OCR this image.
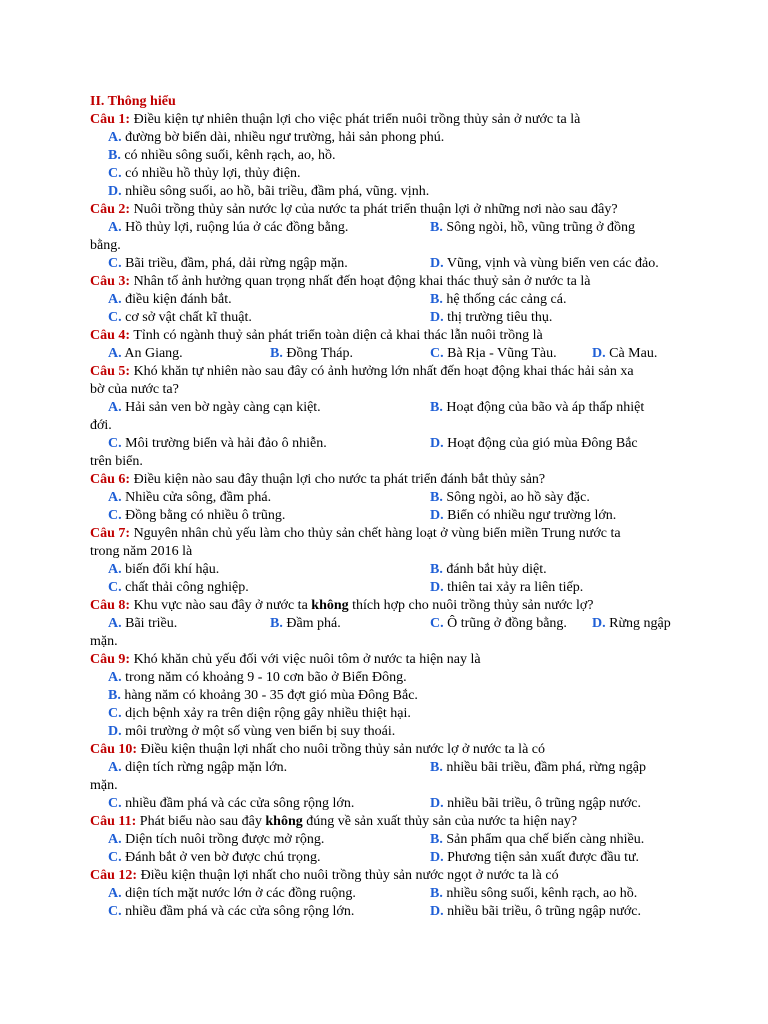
II. Thông hiểu
Câu 1: Điều kiện tự nhiên thuận lợi cho việc phát triển nuôi trồng thủy sản ở nước ta là
A. đường bờ biển dài, nhiều ngư trường, hải sản phong phú.
B. có nhiều sông suối, kênh rạch, ao, hồ.
C. có nhiều hồ thủy lợi, thủy điện.
D. nhiều sông suối, ao hồ, bãi triều, đầm phá, vũng. vịnh.
Câu 2: Nuôi trồng thủy sản nước lợ của nước ta phát triển thuận lợi ở những nơi nào sau đây?
A. Hồ thủy lợi, ruộng lúa ở các đồng bằng.	B. Sông ngòi, hồ, vũng trũng ở đồng
bằng.
C. Bãi triều, đầm, phá, dải rừng ngập mặn.	D. Vũng, vịnh và vùng biển ven các đảo.
Câu 3: Nhân tố ảnh hưởng quan trọng nhất đến hoạt động khai thác thuỷ sản ở nước ta là
A. điều kiện đánh bắt.	B. hệ thống các cảng cá.
C. cơ sở vật chất kĩ thuật.	D. thị trường tiêu thụ.
Câu 4: Tỉnh có ngành thuỷ sản phát triển toàn diện cả khai thác lẫn nuôi trồng là
A. An Giang.	B. Đồng Tháp.	C. Bà Rịa - Vũng Tàu.	D. Cà Mau.
Câu 5: Khó khăn tự nhiên nào sau đây có ảnh hưởng lớn nhất đến hoạt động khai thác hải sản xa
bờ của nước ta?
A. Hải sản ven bờ ngày càng cạn kiệt.	B. Hoạt động của bão và áp thấp nhiệt
đới.
C. Môi trường biển và hải đảo ô nhiễn.	D. Hoạt động của gió mùa Đông Bắc
trên biển.
Câu 6: Điều kiện nào sau đây thuận lợi cho nước ta phát triển đánh bắt thủy sản?
A. Nhiều cửa sông, đầm phá.	B. Sông ngòi, ao hồ sày đặc.
C. Đồng bằng có nhiều ô trũng.	D. Biển có nhiều ngư trường lớn.
Câu 7: Nguyên nhân chủ yếu làm cho thủy sản chết hàng loạt ở vùng biển miền Trung nước ta
trong năm 2016 là
A. biến đổi khí hậu.	B. đánh bắt hủy diệt.
C. chất thải công nghiệp.	D. thiên tai xảy ra liên tiếp.
Câu 8: Khu vực nào sau đây ở nước ta không thích hợp cho nuôi trồng thủy sản nước lợ?
A. Bãi triều.	B. Đầm phá.	C. Ô trũng ở đồng bằng. D. Rừng ngập
mặn.
Câu 9: Khó khăn chủ yếu đối với việc nuôi tôm ở nước ta hiện nay là
A. trong năm có khoảng 9 - 10 cơn bão ở Biển Đông.
B. hàng năm có khoảng 30 - 35 đợt gió mùa Đông Bắc.
C. dịch bệnh xảy ra trên diện rộng gây nhiều thiệt hại.
D. môi trường ở một số vùng ven biển bị suy thoái.
Câu 10: Điều kiện thuận lợi nhất cho nuôi trồng thủy sản nước lợ ở nước ta là có
A. diện tích rừng ngập mặn lớn.	B. nhiều bãi triều, đầm phá, rừng ngập
mặn.
C. nhiều đầm phá và các cửa sông rộng lớn.	D. nhiều bãi triều, ô trũng ngập nước.
Câu 11: Phát biểu nào sau đây không đúng về sản xuất thủy sản của nước ta hiện nay?
A. Diện tích nuôi trồng được mở rộng.	B. Sản phẩm qua chế biến càng nhiều.
C. Đánh bắt ở ven bờ được chú trọng.	D. Phương tiện sản xuất được đầu tư.
Câu 12: Điều kiện thuận lợi nhất cho nuôi trồng thủy sản nước ngọt ở nước ta là có
A. diện tích mặt nước lớn ở các đồng ruộng.	B. nhiều sông suối, kênh rạch, ao hồ.
C. nhiều đầm phá và các cửa sông rộng lớn.	D. nhiều bãi triều, ô trũng ngập nước.
